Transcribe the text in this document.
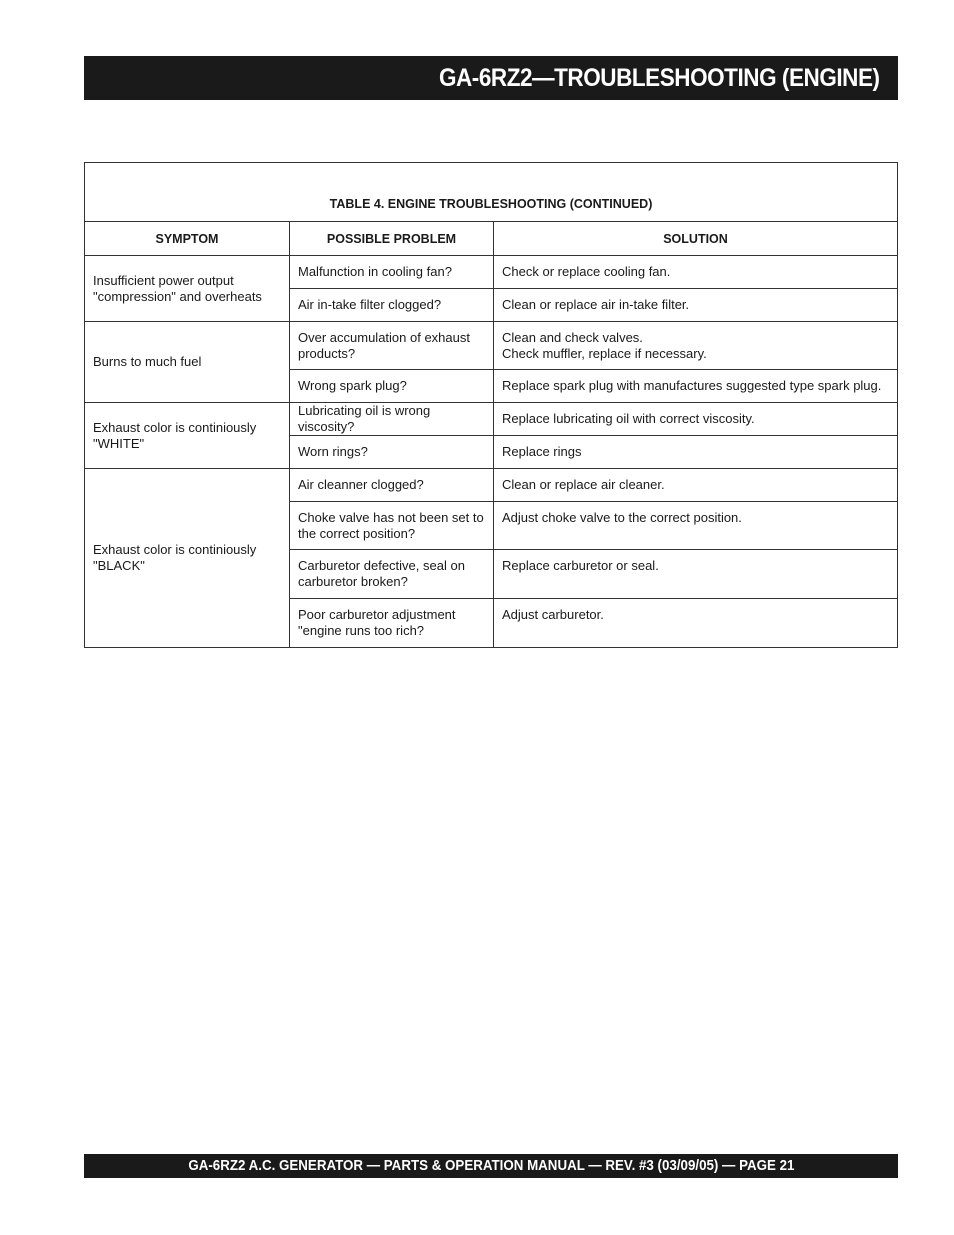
GA-6RZ2—TROUBLESHOOTING (ENGINE)
TABLE 4. ENGINE TROUBLESHOOTING (CONTINUED)		
SYMPTOM	POSSIBLE PROBLEM	SOLUTION
Insufficient power output "compression" and overheats	Malfunction in cooling fan?	Check or replace cooling fan.
	Air in-take filter clogged?	Clean or replace air in-take filter.
Burns to much fuel	Over accumulation of exhaust products?	Clean and check valves.
Check muffler, replace if necessary.
	Wrong spark plug?	Replace spark plug with manufactures suggested type spark plug.
Exhaust color is continiously "WHITE"	Lubricating oil is wrong viscosity?	Replace lubricating oil with correct viscosity.
	Worn rings?	Replace rings
Exhaust color is continiously "BLACK"	Air cleanner clogged?	Clean or replace air cleaner.
	Choke valve has not been set to the correct position?	Adjust choke valve to the correct position.
	Carburetor defective, seal on carburetor broken?	Replace carburetor or seal.
	Poor carburetor adjustment "engine runs too rich?	Adjust carburetor.
GA-6RZ2 A.C. GENERATOR — PARTS & OPERATION MANUAL — REV. #3 (03/09/05) — PAGE 21
